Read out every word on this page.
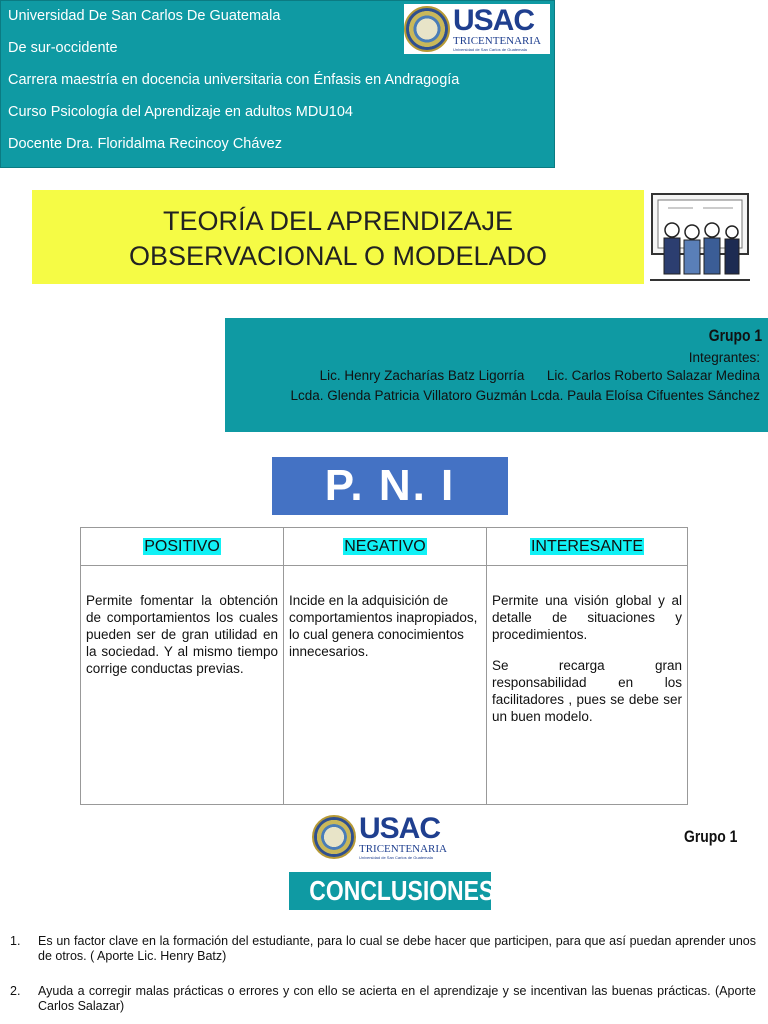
Universidad De San Carlos De Guatemala
De sur-occidente
Carrera maestría en docencia universitaria con Énfasis en Andragogía
Curso Psicología del Aprendizaje en adultos MDU104
Docente Dra. Floridalma Recincoy Chávez
USAC
TRICENTENARIA
Universidad de San Carlos de Guatemala
TEORÍA DEL APRENDIZAJE
OBSERVACIONAL O MODELADO
Grupo 1
Integrantes:
Lic. Henry Zacharías Batz Ligorría      Lic. Carlos Roberto Salazar Medina
Lcda. Glenda Patricia Villatoro Guzmán Lcda. Paula Eloísa Cifuentes Sánchez
P. N. I
POSITIVO	NEGATIVO	INTERESANTE

Permite fomentar la obtención de comportamientos los cuales pueden ser de gran utilidad en la sociedad. Y al mismo tiempo corrige conductas previas.	Incide en la adquisición de comportamientos inapropiados, lo cual genera conocimientos innecesarios.	Permite una visión global y al detalle de situaciones y procedimientos.

Se recarga gran responsabilidad en los facilitadores , pues se debe ser un buen modelo.

USAC
TRICENTENARIA
Universidad de San Carlos de Guatemala
Grupo 1
CONCLUSIONES
1. Es un factor clave en la formación del estudiante, para lo cual se debe hacer que participen, para que así puedan aprender unos de otros. ( Aporte Lic. Henry Batz)
2. Ayuda a corregir malas prácticas o errores y con ello se acierta en el aprendizaje y se incentivan las buenas prácticas. (Aporte Carlos Salazar)
